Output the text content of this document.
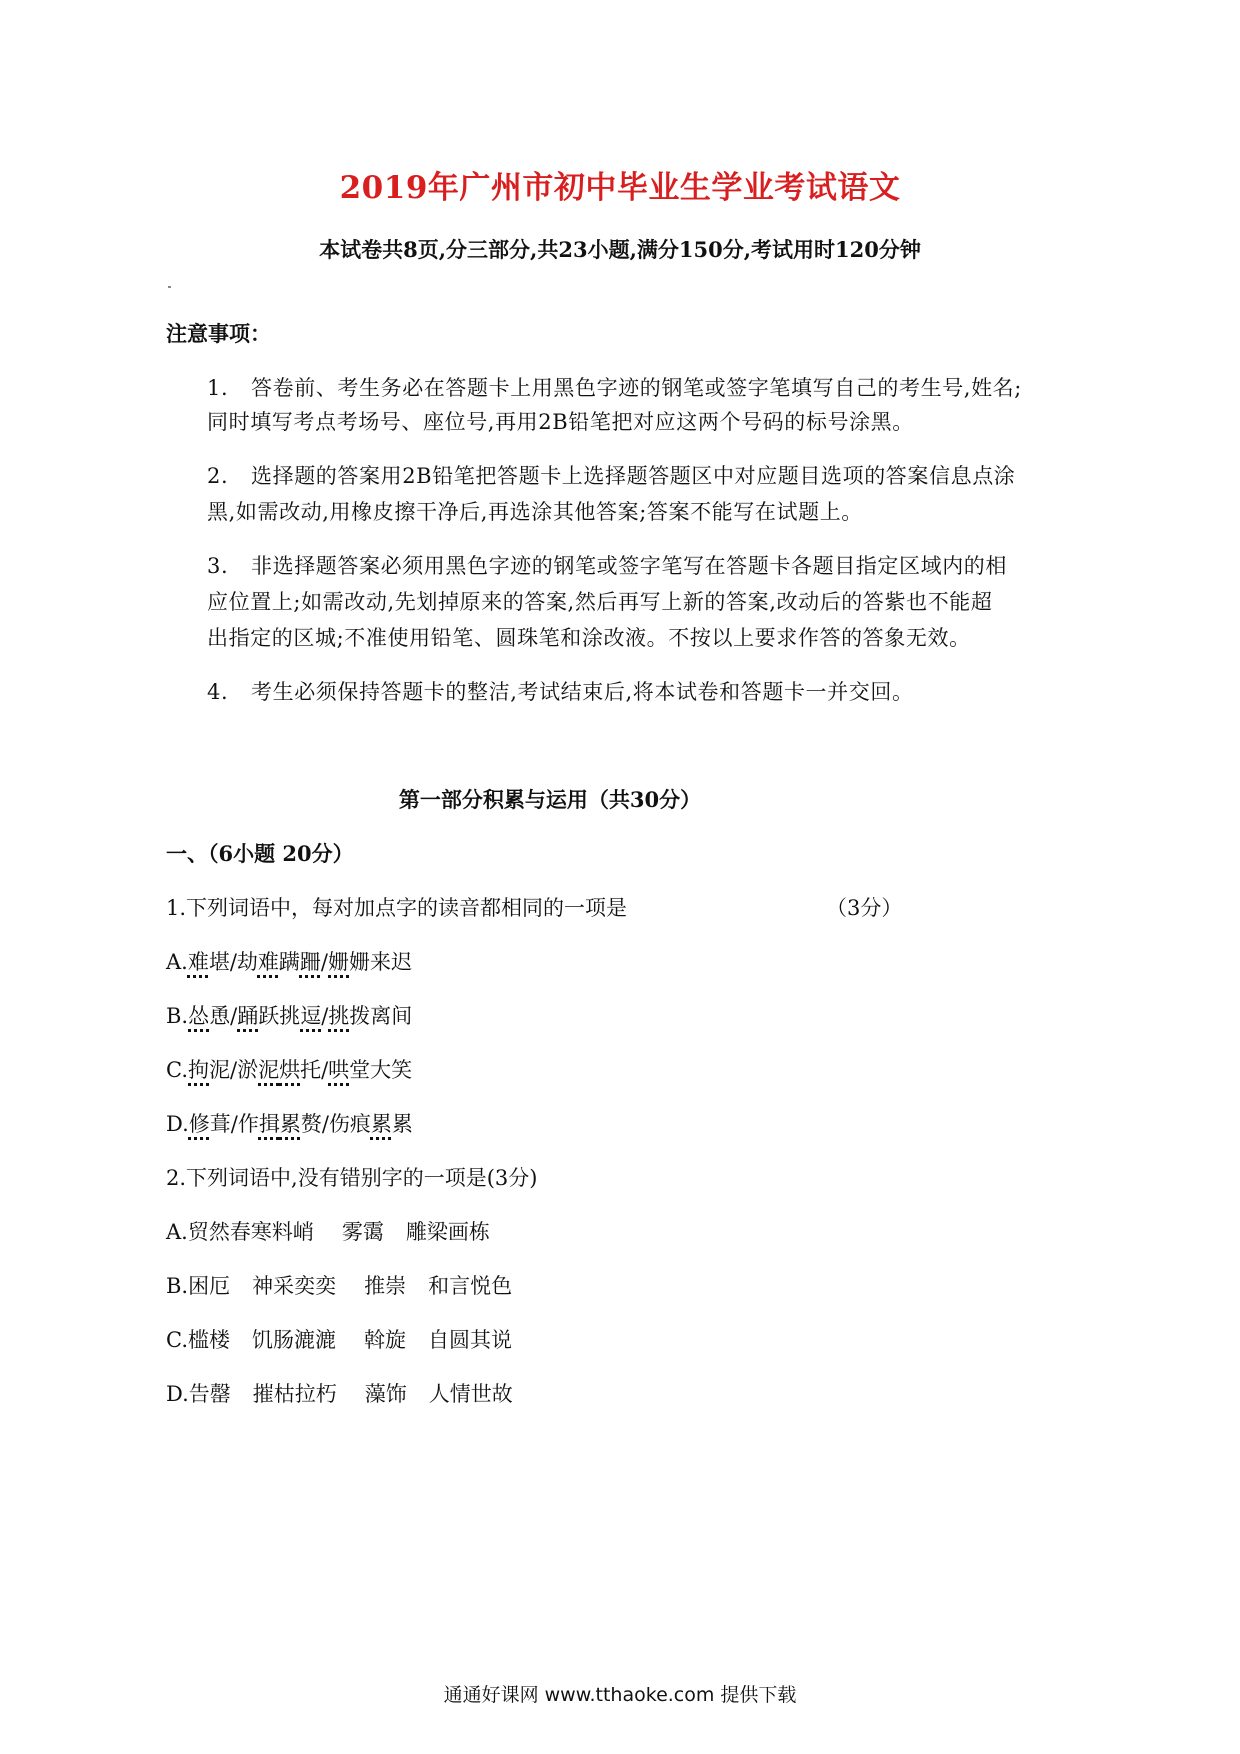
2019年广州市初中毕业生学业考试语文
本试卷共8页,分三部分,共23小题,满分150分,考试用时120分钟
注意事项：
1. 答卷前、考生务必在答题卡上用黑色字迹的钢笔或签字笔填写自己的考生号,姓名;
同时填写考点考场号、座位号,再用2B铅笔把对应这两个号码的标号涂黑。
2. 选择题的答案用2B铅笔把答题卡上选择题答题区中对应题目选项的答案信息点涂
黑,如需改动,用橡皮擦干净后,再选涂其他答案;答案不能写在试题上。
3. 非选择题答案必须用黑色字迹的钢笔或签字笔写在答题卡各题目指定区域内的相
应位置上;如需改动,先划掉原来的答案,然后再写上新的答案,改动后的答紫也不能超
出指定的区城;不准使用铅笔、圆珠笔和涂改液。不按以上要求作答的答象无效。
4. 考生必须保持答题卡的整洁,考试结束后,将本试卷和答题卡一并交回。
第一部分积累与运用（共30分）
一、（6小题 20分）
1.下列词语中，每对加点字的读音都相同的一项是	（3分）
A.难堪/劫难蹒跚/姗姗来迟
B.怂恿/踊跃挑逗/挑拨离间
C.拘泥/淤泥烘托/哄堂大笑
D.修葺/作揖累赘/伤痕累累
2.下列词语中,没有错别字的一项是(3分)
A.贸然春寒料峭 雾霭 雕梁画栋
B.困厄 神采奕奕 推崇 和言悦色
C.槛楼 饥肠漉漉 斡旋 自圆其说
D.告罄 摧枯拉朽 藻饰 人情世故
通通好课网 www.tthaoke.com 提供下载
